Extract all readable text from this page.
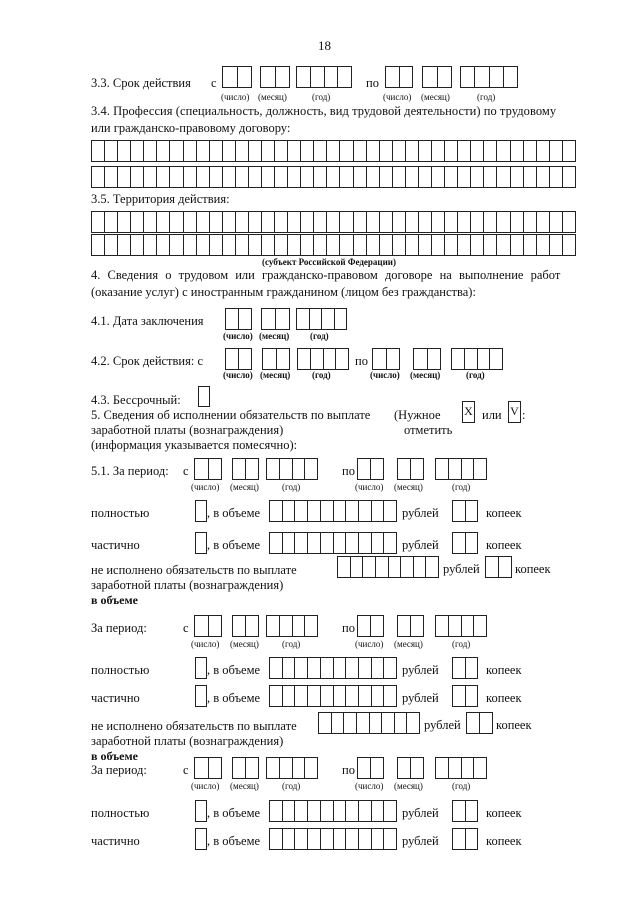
18
3.3. Срок действия с	по
(число) (месяц)	(год)	(число) (месяц)	(год)
3.4. Профессия (специальность, должность, вид трудовой деятельности) по трудовому
или гражданско-правовому договору:
3.5. Территория действия:
(субъект Российской Федерации)
4. Сведения о трудовом или гражданско-правовом договоре на выполнение работ
(оказание услуг) с иностранным гражданином (лицом без гражданства):
4.1. Дата заключения
(число) (месяц) (год)
4.2. Срок действия: с	по
(число) (месяц) (год)	(число) (месяц)	(год)
4.3. Бессрочный:
5. Сведения об исполнении обязательств по выплате
заработной платы (вознаграждения)
(информация указывается помесячно):
(Нужное
отметить
X или V :
5.1. За период: с	по
(число) (месяц)	(год)	(число) (месяц)	(год)
полностью	, в объеме	рублей	копеек
частично	, в объеме	рублей	копеек
не исполнено обязательств по выплате
заработной платы (вознаграждения)
в объеме
рублей	копеек
За период:	с	по
(число) (месяц)	(год)	(число) (месяц)	(год)
полностью	, в объеме	рублей	копеек
частично	, в объеме	рублей	копеек
не исполнено обязательств по выплате
заработной платы (вознаграждения)
в объеме
рублей	копеек
За период:	с	по
(число) (месяц)	(год)	(число) (месяц)	(год)
полностью	, в объеме	рублей	копеек
частично	, в объеме	рублей	копеек
